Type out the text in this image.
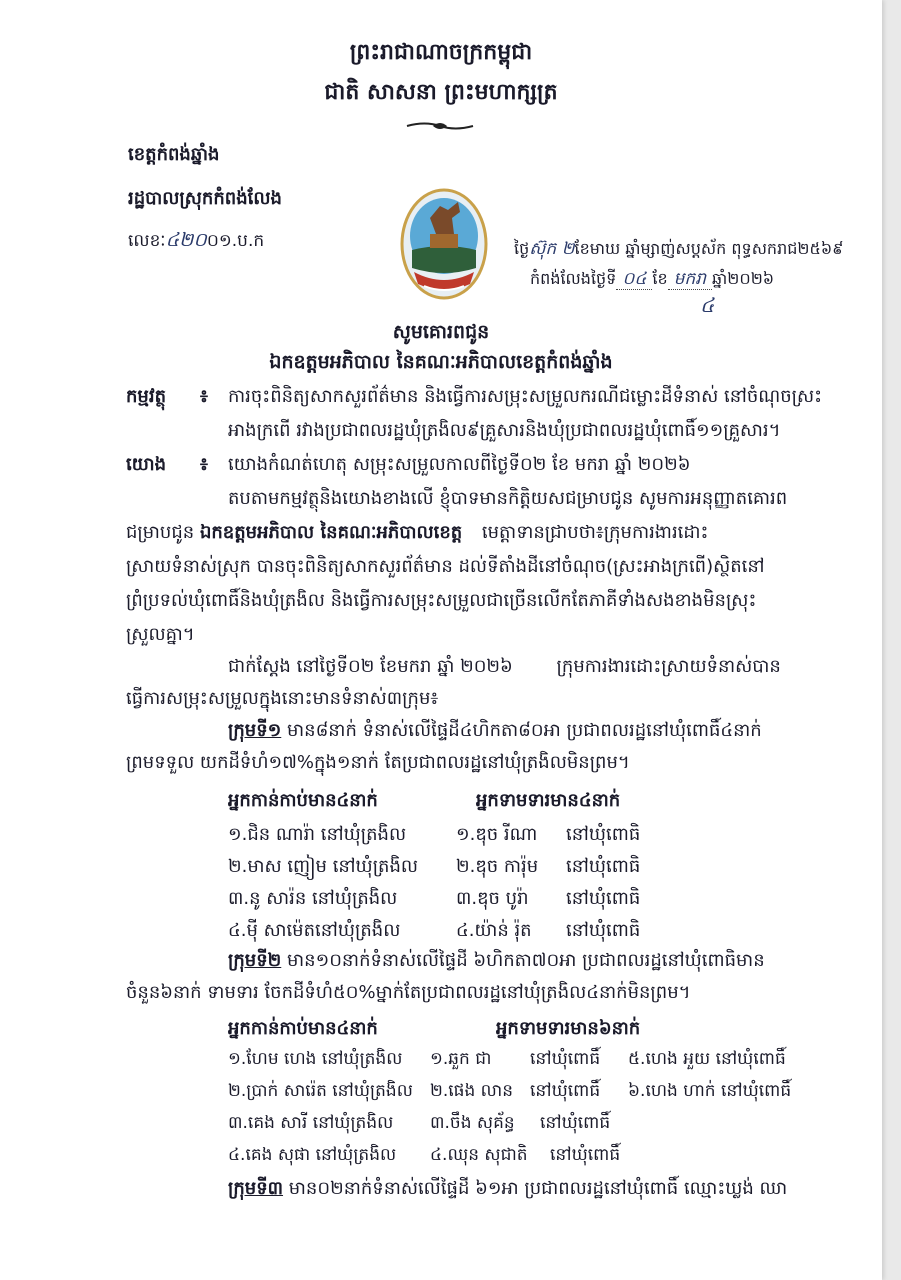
ព្រះរាជាណាចក្រកម្ពុជា
ជាតិ សាសនា ព្រះមហាក្សត្រ
ខេត្តកំពង់ឆ្នាំង
រដ្ឋបាលស្រុកកំពង់លែង
លេខៈ៤២០០១.ប.ក	ថ្ងៃស៊ុក ២ខែមាឃ ឆ្នាំម្សាញ់សប្តស័ក ពុទ្ធសករាជ២៥៦៩
កំពង់លែងថ្ងៃទី ០៤ ខែ មករា ឆ្នាំ២០២៦
៤
សូមគោរពជូន
ឯកឧត្តមអភិបាល នៃគណៈអភិបាលខេត្តកំពង់ឆ្នាំង
កម្មវត្ថុ ៖ ការចុះពិនិត្យសាកសួរព័ត៌មាន និងធ្វើការសម្រុះសម្រួលករណីជម្លោះដីទំនាស់ នៅចំណុចស្រះ
អាងក្រពើ រវាងប្រជាពលរដ្ឋឃុំត្រងិល៩គ្រួសារនិងឃុំប្រជាពលរដ្ឋឃុំពោធិ៍១១គ្រួសារ។
យោង ៖ យោងកំណត់ហេតុ សម្រុះសម្រួលកាលពីថ្ងៃទី០២ ខែ មករា ឆ្នាំ ២០២៦
តបតាមកម្មវត្ថុនិងយោងខាងលើ ខ្ញុំបាទមានកិត្តិយសជម្រាបជូន សូមការអនុញ្ញាតគោរព
ជម្រាបជូន ឯកឧត្តមអភិបាល នៃគណៈអភិបាលខេត្ត មេត្តាទានជ្រាបថា៖ក្រុមការងារដោះ
ស្រាយទំនាស់ស្រុក បានចុះពិនិត្យសាកសួរព័ត៌មាន ដល់ទីតាំងដីនៅចំណុច(ស្រះអាងក្រពើ)ស្ថិតនៅ
ព្រំប្រទល់ឃុំពោធិ៍និងឃុំត្រងិល និងធ្វើការសម្រុះសម្រួលជាច្រើនលើកតែភាគីទាំងសងខាងមិនស្រុះ
ស្រួលគ្នា។
ជាក់ស្តែង នៅថ្ងៃទី០២ ខែមករា ឆ្នាំ ២០២៦ ក្រុមការងារដោះស្រាយទំនាស់បាន
ធ្វើការសម្រុះសម្រួលក្នុងនោះមានទំនាស់៣ក្រុម៖
ក្រុមទី១ មាន៨នាក់ ទំនាស់លើផ្ទៃដី៤ហិកតា៨០អា ប្រជាពលរដ្ឋនៅឃុំពោធិ៍៤នាក់
ព្រមទទួល យកដីទំហំ១៧%ក្នុង១នាក់ តែប្រជាពលរដ្ឋនៅឃុំត្រងិលមិនព្រម។
អ្នកកាន់កាប់មាន៤នាក់	អ្នកទាមទារមាន៤នាក់
១.ជិន ណារ៉ា នៅឃុំត្រងិល	១.ឌុច រីណា នៅឃុំពោធិ
២.មាស ញៀម នៅឃុំត្រងិល ២.ឌុច ការ៉ុម នៅឃុំពោធិ
៣.នូ សារ៉ន នៅឃុំត្រងិល	៣.ឌុច បូរ៉ា នៅឃុំពោធិ
៤.ម៉ី សាម៉េតនៅឃុំត្រងិល	៤.យ៉ាន់ រ៉ុត នៅឃុំពោធិ
ក្រុមទី២ មាន១០នាក់ទំនាស់លើផ្ទៃដី ៦ហិកតា៧០អា ប្រជាពលរដ្ឋនៅឃុំពោធិមាន
ចំនួន៦នាក់ ទាមទារ ចែកដីទំហំ៥០%ម្នាក់តែប្រជាពលរដ្ឋនៅឃុំត្រងិល៤នាក់មិនព្រម។
អ្នកកាន់កាប់មាន៤នាក់	អ្នកទាមទារមាន៦នាក់
១.ហែម ហេង នៅឃុំត្រងិល ១.ឆួក ជា នៅឃុំពោធិ៍ ៥.ហេង អួយ នៅឃុំពោធិ៍
២.ប្រាក់ សារ៉េត នៅឃុំត្រងិល ២.ផេង លាន នៅឃុំពោធិ៍ ៦.ហេង ហាក់ នៅឃុំពោធិ៍
៣.គេង សារី នៅឃុំត្រងិល ៣.ចឹង សុគ័ន្ធ នៅឃុំពោធិ៍
៤.គេង សុផា នៅឃុំត្រងិល ៤.ឈុន សុជាតិ នៅឃុំពោធិ៍
ក្រុមទី៣ មាន០២នាក់ទំនាស់លើផ្ទៃដី ៦១អា ប្រជាពលរដ្ឋនៅឃុំពោធិ៍ ឈ្មោះឃ្លង់ ឈា
